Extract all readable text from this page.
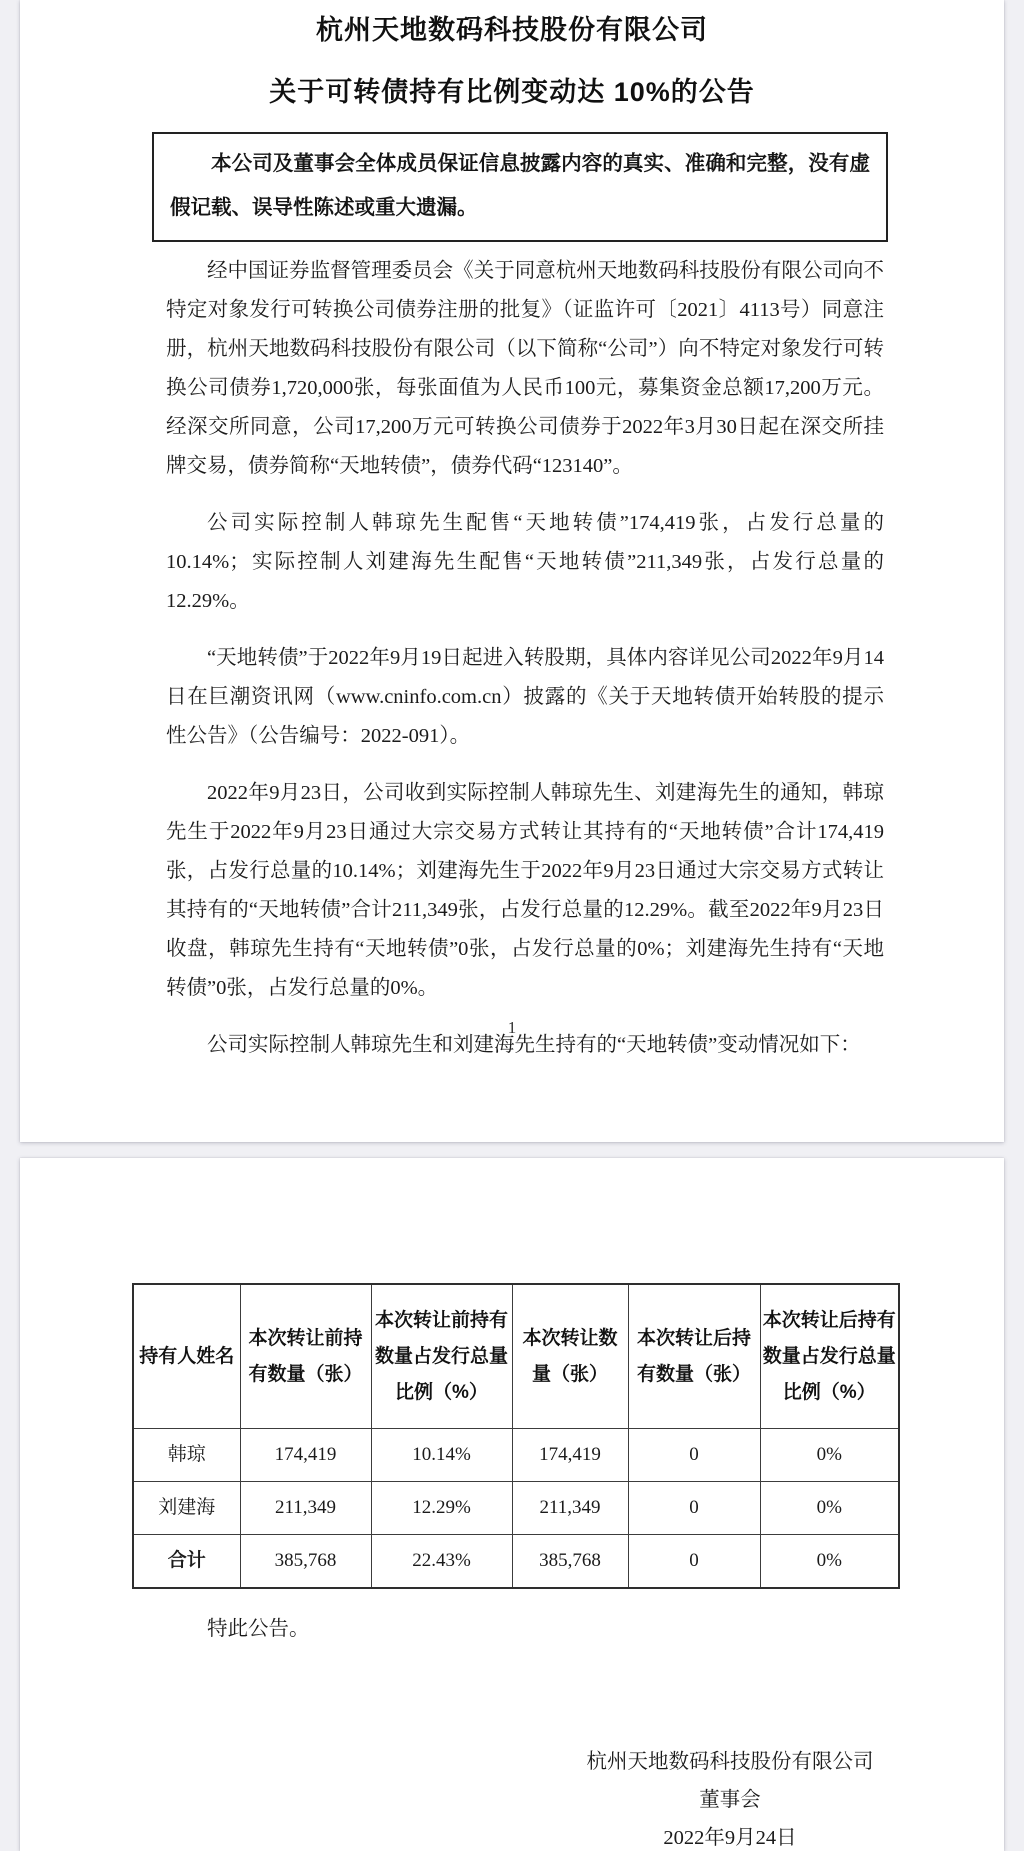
杭州天地数码科技股份有限公司
关于可转债持有比例变动达 10%的公告
本公司及董事会全体成员保证信息披露内容的真实、准确和完整，没有虚假记载、误导性陈述或重大遗漏。

经中国证券监督管理委员会《关于同意杭州天地数码科技股份有限公司向不特定对象发行可转换公司债券注册的批复》（证监许可〔2021〕4113号）同意注册，杭州天地数码科技股份有限公司（以下简称“公司”）向不特定对象发行可转换公司债券1,720,000张，每张面值为人民币100元，募集资金总额17,200万元。经深交所同意，公司17,200万元可转换公司债券于2022年3月30日起在深交所挂牌交易，债券简称“天地转债”，债券代码“123140”。

公司实际控制人韩琼先生配售“天地转债”174,419张，占发行总量的10.14%；实际控制人刘建海先生配售“天地转债”211,349张，占发行总量的12.29%。

“天地转债”于2022年9月19日起进入转股期，具体内容详见公司2022年9月14日在巨潮资讯网（www.cninfo.com.cn）披露的《关于天地转债开始转股的提示性公告》（公告编号：2022-091）。

2022年9月23日，公司收到实际控制人韩琼先生、刘建海先生的通知，韩琼先生于2022年9月23日通过大宗交易方式转让其持有的“天地转债”合计174,419张，占发行总量的10.14%；刘建海先生于2022年9月23日通过大宗交易方式转让其持有的“天地转债”合计211,349张，占发行总量的12.29%。截至2022年9月23日收盘，韩琼先生持有“天地转债”0张，占发行总量的0%；刘建海先生持有“天地转债”0张，占发行总量的0%。

公司实际控制人韩琼先生和刘建海先生持有的“天地转债”变动情况如下：

1
持有人姓名	本次转让前持有数量（张）	本次转让前持有数量占发行总量比例（%）	本次转让数量（张）	本次转让后持有数量（张）	本次转让后持有数量占发行总量比例（%）
韩琼	174,419	10.14%	174,419	0	0%
刘建海	211,349	12.29%	211,349	0	0%
合计	385,768	22.43%	385,768	0	0%
特此公告。
杭州天地数码科技股份有限公司
董事会
2022年9月24日
